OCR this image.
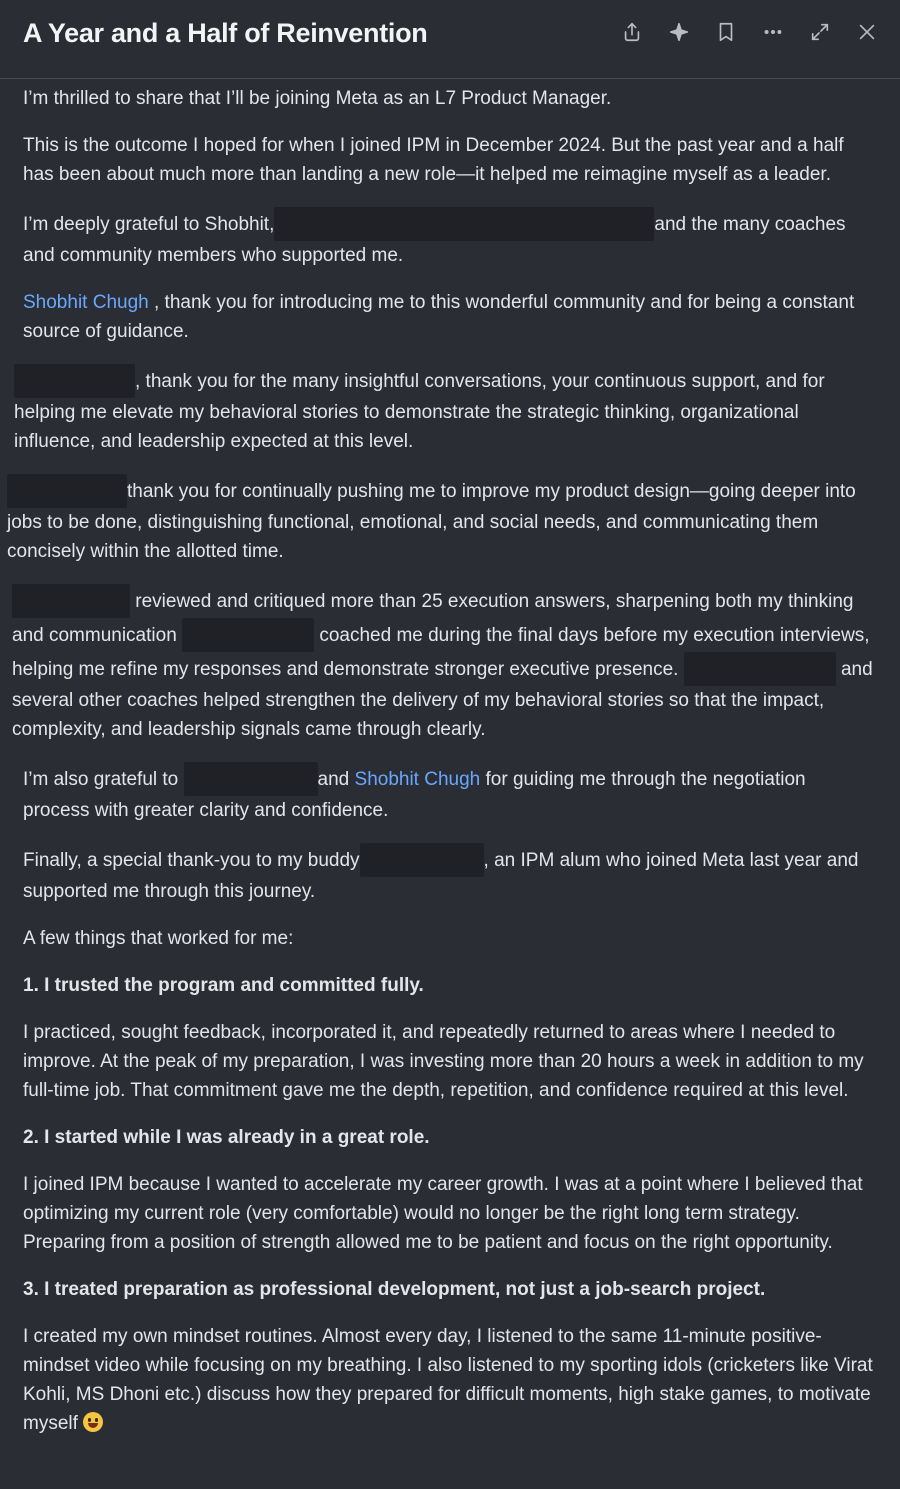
A Year and a Half of Reinvention

I’m thrilled to share that I’ll be joining Meta as an L7 Product Manager.

This is the outcome I hoped for when I joined IPM in December 2024. But the past year and a half has been about much more than landing a new role—it helped me reimagine myself as a leader.

I’m deeply grateful to Shobhit,	and the many coaches and community members who supported me.

Shobhit Chugh , thank you for introducing me to this wonderful community and for being a constant source of guidance.

, thank you for the many insightful conversations, your continuous support, and for helping me elevate my behavioral stories to demonstrate the strategic thinking, organizational influence, and leadership expected at this level.

thank you for continually pushing me to improve my product design—going deeper into jobs to be done, distinguishing functional, emotional, and social needs, and communicating them concisely within the allotted time.

reviewed and critiqued more than 25 execution answers, sharpening both my thinking and communication	coached me during the final days before my execution interviews, helping me refine my responses and demonstrate stronger executive presence.	and several other coaches helped strengthen the delivery of my behavioral stories so that the impact, complexity, and leadership signals came through clearly.

I’m also grateful to	and Shobhit Chugh for guiding me through the negotiation process with greater clarity and confidence.

Finally, a special thank-you to my buddy	, an IPM alum who joined Meta last year and supported me through this journey.

A few things that worked for me:

1. I trusted the program and committed fully.

I practiced, sought feedback, incorporated it, and repeatedly returned to areas where I needed to improve. At the peak of my preparation, I was investing more than 20 hours a week in addition to my full-time job. That commitment gave me the depth, repetition, and confidence required at this level.

2. I started while I was already in a great role.

I joined IPM because I wanted to accelerate my career growth. I was at a point where I believed that optimizing my current role (very comfortable) would no longer be the right long term strategy. Preparing from a position of strength allowed me to be patient and focus on the right opportunity.

3. I treated preparation as professional development, not just a job-search project.

I created my own mindset routines. Almost every day, I listened to the same 11-minute positive-mindset video while focusing on my breathing. I also listened to my sporting idols (cricketers like Virat Kohli, MS Dhoni etc.) discuss how they prepared for difficult moments, high stake games, to motivate myself
